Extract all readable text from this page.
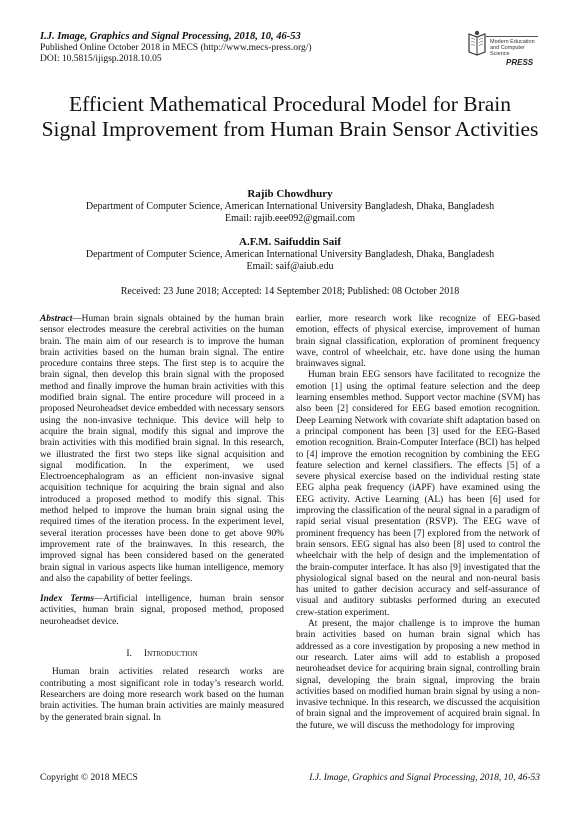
I.J. Image, Graphics and Signal Processing, 2018, 10, 46-53
Published Online October 2018 in MECS (http://www.mecs-press.org/)
DOI: 10.5815/ijigsp.2018.10.05
Modern Education and Computer Science
PRESS
Efficient Mathematical Procedural Model for Brain Signal Improvement from Human Brain Sensor Activities
Rajib Chowdhury
Department of Computer Science, American International University Bangladesh, Dhaka, Bangladesh
Email: rajib.eee092@gmail.com
A.F.M. Saifuddin Saif
Department of Computer Science, American International University Bangladesh, Dhaka, Bangladesh
Email: saif@aiub.edu
Received: 23 June 2018; Accepted: 14 September 2018; Published: 08 October 2018

Abstract—Human brain signals obtained by the human brain sensor electrodes measure the cerebral activities on the human brain. The main aim of our research is to improve the human brain activities based on the human brain signal. The entire procedure contains three steps. The first step is to acquire the brain signal, then develop this brain signal with the proposed method and finally improve the human brain activities with this modified brain signal. The entire procedure will proceed in a proposed Neuroheadset device embedded with necessary sensors using the non-invasive technique. This device will help to acquire the brain signal, modify this signal and improve the brain activities with this modified brain signal. In this research, we illustrated the first two steps like signal acquisition and signal modification. In the experiment, we used Electroencephalogram as an efficient non-invasive signal acquisition technique for acquiring the brain signal and also introduced a proposed method to modify this signal. This method helped to improve the human brain signal using the required times of the iteration process. In the experiment level, several iteration processes have been done to get above 90% improvement rate of the brainwaves. In this research, the improved signal has been considered based on the generated brain signal in various aspects like human intelligence, memory and also the capability of better feelings.

Index Terms—Artificial intelligence, human brain sensor activities, human brain signal, proposed method, proposed neuroheadset device.

I. Introduction

Human brain activities related research works are contributing a most significant role in today’s research world. Researchers are doing more research work based on the human brain activities. The human brain activities are mainly measured by the generated brain signal. In

earlier, more research work like recognize of EEG-based emotion, effects of physical exercise, improvement of human brain signal classification, exploration of prominent frequency wave, control of wheelchair, etc. have done using the human brainwaves signal.

Human brain EEG sensors have facilitated to recognize the emotion [1] using the optimal feature selection and the deep learning ensembles method. Support vector machine (SVM) has also been [2] considered for EEG based emotion recognition. Deep Learning Network with covariate shift adaptation based on a principal component has been [3] used for the EEG-Based emotion recognition. Brain-Computer Interface (BCI) has helped to [4] improve the emotion recognition by combining the EEG feature selection and kernel classifiers. The effects [5] of a severe physical exercise based on the individual resting state EEG alpha peak frequency (iAPF) have examined using the EEG activity. Active Learning (AL) has been [6] used for improving the classification of the neural signal in a paradigm of rapid serial visual presentation (RSVP). The EEG wave of prominent frequency has been [7] explored from the network of brain sensors. EEG signal has also been [8] used to control the wheelchair with the help of design and the implementation of the brain-computer interface. It has also [9] investigated that the physiological signal based on the neural and non-neural basis has united to gather decision accuracy and self-assurance of visual and auditory subtasks performed during an executed crew-station experiment.

At present, the major challenge is to improve the human brain activities based on human brain signal which has addressed as a core investigation by proposing a new method in our research. Later aims will add to establish a proposed neuroheadset device for acquiring brain signal, controlling brain signal, developing the brain signal, improving the brain activities based on modified human brain signal by using a non-invasive technique. In this research, we discussed the acquisition of brain signal and the improvement of acquired brain signal. In the future, we will discuss the methodology for improving

Copyright © 2018 MECS	I.J. Image, Graphics and Signal Processing, 2018, 10, 46-53
